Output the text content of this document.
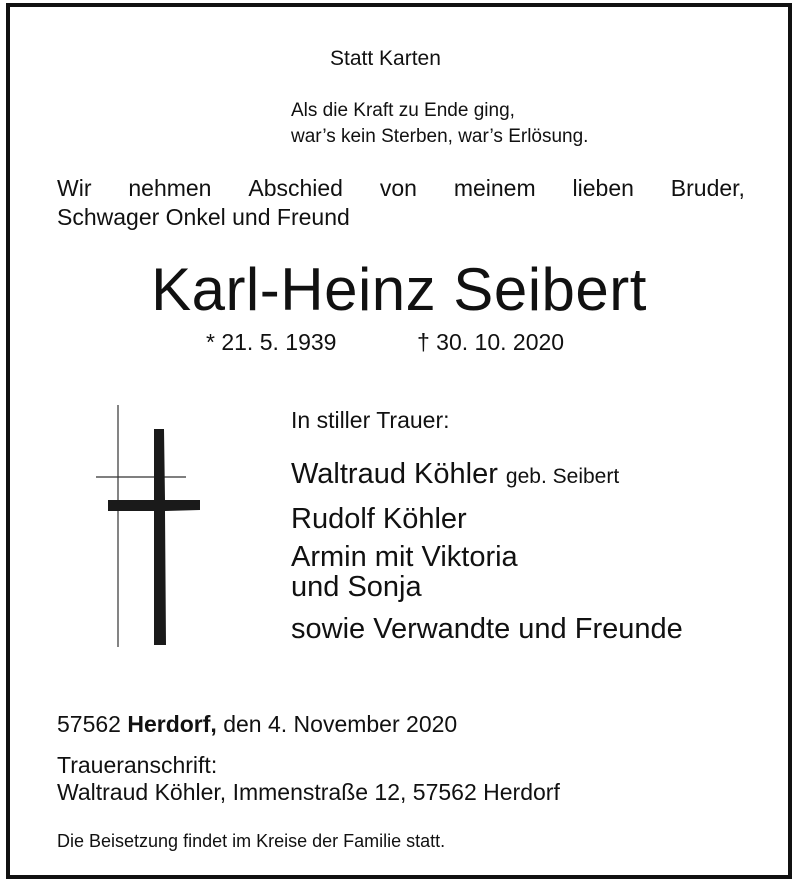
Statt Karten
Als die Kraft zu Ende ging,
war’s kein Sterben, war’s Erlösung.
Wir nehmen Abschied von meinem lieben Bruder,
Schwager Onkel und Freund
Karl-Heinz Seibert
* 21. 5. 1939	† 30. 10. 2020
In stiller Trauer:
Waltraud Köhler geb. Seibert
Rudolf Köhler
Armin mit Viktoria
und Sonja
sowie Verwandte und Freunde
57562 Herdorf, den 4. November 2020
Traueranschrift:
Waltraud Köhler, Immenstraße 12, 57562 Herdorf
Die Beisetzung findet im Kreise der Familie statt.
